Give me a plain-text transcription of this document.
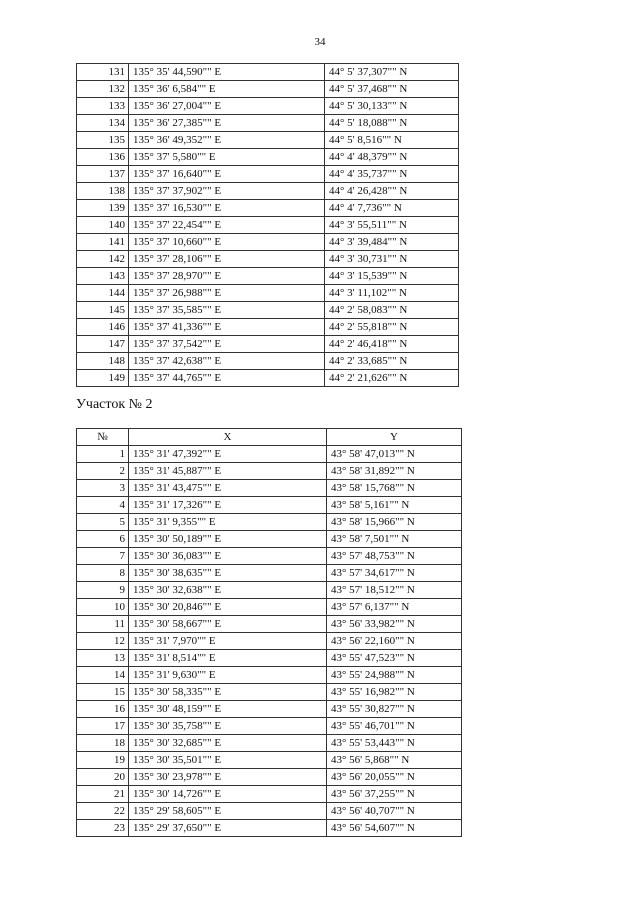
34
131	135° 35' 44,590"" E	44° 5' 37,307"" N
132	135° 36' 6,584"" E	44° 5' 37,468"" N
133	135° 36' 27,004"" E	44° 5' 30,133"" N
134	135° 36' 27,385"" E	44° 5' 18,088"" N
135	135° 36' 49,352"" E	44° 5' 8,516"" N
136	135° 37' 5,580"" E	44° 4' 48,379"" N
137	135° 37' 16,640"" E	44° 4' 35,737"" N
138	135° 37' 37,902"" E	44° 4' 26,428"" N
139	135° 37' 16,530"" E	44° 4' 7,736"" N
140	135° 37' 22,454"" E	44° 3' 55,511"" N
141	135° 37' 10,660"" E	44° 3' 39,484"" N
142	135° 37' 28,106"" E	44° 3' 30,731"" N
143	135° 37' 28,970"" E	44° 3' 15,539"" N
144	135° 37' 26,988"" E	44° 3' 11,102"" N
145	135° 37' 35,585"" E	44° 2' 58,083"" N
146	135° 37' 41,336"" E	44° 2' 55,818"" N
147	135° 37' 37,542"" E	44° 2' 46,418"" N
148	135° 37' 42,638"" E	44° 2' 33,685"" N
149	135° 37' 44,765"" E	44° 2' 21,626"" N
Участок № 2
№	X	Y
1	135° 31' 47,392"" E	43° 58' 47,013"" N
2	135° 31' 45,887"" E	43° 58' 31,892"" N
3	135° 31' 43,475"" E	43° 58' 15,768"" N
4	135° 31' 17,326"" E	43° 58' 5,161"" N
5	135° 31' 9,355"" E	43° 58' 15,966"" N
6	135° 30' 50,189"" E	43° 58' 7,501"" N
7	135° 30' 36,083"" E	43° 57' 48,753"" N
8	135° 30' 38,635"" E	43° 57' 34,617"" N
9	135° 30' 32,638"" E	43° 57' 18,512"" N
10	135° 30' 20,846"" E	43° 57' 6,137"" N
11	135° 30' 58,667"" E	43° 56' 33,982"" N
12	135° 31' 7,970"" E	43° 56' 22,160"" N
13	135° 31' 8,514"" E	43° 55' 47,523"" N
14	135° 31' 9,630"" E	43° 55' 24,988"" N
15	135° 30' 58,335"" E	43° 55' 16,982"" N
16	135° 30' 48,159"" E	43° 55' 30,827"" N
17	135° 30' 35,758"" E	43° 55' 46,701"" N
18	135° 30' 32,685"" E	43° 55' 53,443"" N
19	135° 30' 35,501"" E	43° 56' 5,868"" N
20	135° 30' 23,978"" E	43° 56' 20,055"" N
21	135° 30' 14,726"" E	43° 56' 37,255"" N
22	135° 29' 58,605"" E	43° 56' 40,707"" N
23	135° 29' 37,650"" E	43° 56' 54,607"" N
